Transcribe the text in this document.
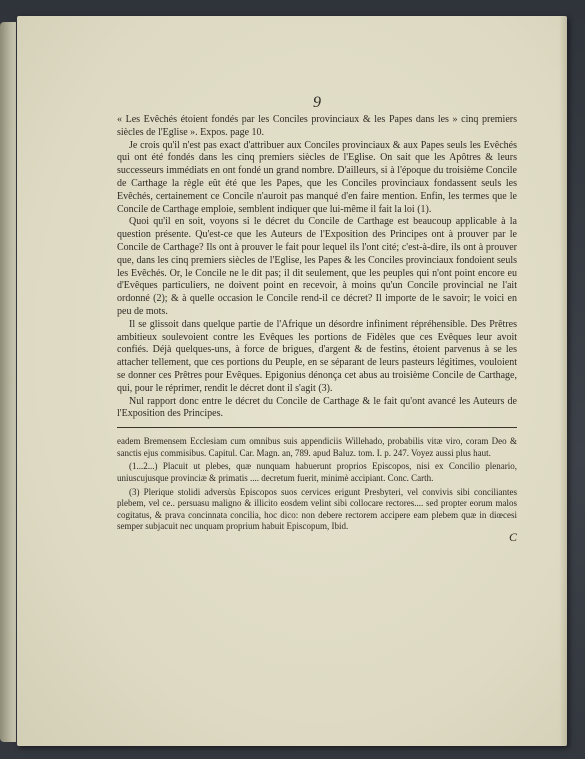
9

« Les Evêchés étoient fondés par les Conciles provinciaux & les Papes dans les » cinq premiers siècles de l'Eglise ». Expos. page 10.

Je crois qu'il n'est pas exact d'attribuer aux Conciles provinciaux & aux Papes seuls les Evêchés qui ont été fondés dans les cinq premiers siècles de l'Eglise. On sait que les Apôtres & leurs successeurs immédiats en ont fondé un grand nombre. D'ailleurs, si à l'époque du troisième Concile de Carthage la règle eût été que les Papes, que les Conciles provinciaux fondassent seuls les Evêchés, certainement ce Concile n'auroit pas manqué d'en faire mention. Enfin, les termes que le Concile de Carthage emploie, semblent indiquer que lui-même il fait la loi (1).

Quoi qu'il en soit, voyons si le décret du Concile de Carthage est beaucoup applicable à la question présente. Qu'est-ce que les Auteurs de l'Exposition des Principes ont à prouver par le Concile de Carthage? Ils ont à prouver le fait pour lequel ils l'ont cité; c'est-à-dire, ils ont à prouver que, dans les cinq premiers siècles de l'Eglise, les Papes & les Conciles provinciaux fondoient seuls les Evêchés. Or, le Concile ne le dit pas; il dit seulement, que les peuples qui n'ont point encore eu d'Evêques particuliers, ne doivent point en recevoir, à moins qu'un Concile provincial ne l'ait ordonné (2); & à quelle occasion le Concile rend-il ce décret? Il importe de le savoir; le voici en peu de mots.

Il se glissoit dans quelque partie de l'Afrique un désordre infiniment répréhensible. Des Prêtres ambitieux soulevoient contre les Evêques les portions de Fidèles que ces Evêques leur avoit confiés. Déjà quelques-uns, à force de brigues, d'argent & de festins, étoient parvenus à se les attacher tellement, que ces portions du Peuple, en se séparant de leurs pasteurs légitimes, vouloient se donner ces Prêtres pour Evêques. Epigonius dénonça cet abus au troisième Concile de Carthage, qui, pour le réprimer, rendit le décret dont il s'agit (3).

Nul rapport donc entre le décret du Concile de Carthage & le fait qu'ont avancé les Auteurs de l'Exposition des Principes.

eadem Bremensem Ecclesiam cum omnibus suis appendiciis Willehado, probabilis vitæ viro, coram Deo & sanctis ejus commisibus. Capitul. Car. Magn. an, 789. apud Baluz. tom. I. p. 247. Voyez aussi plus haut.

(1...2...) Placuit ut plebes, quæ nunquam habuerunt proprios Episcopos, nisi ex Concilio plenario, uniuscujusque provinciæ & primatis .... decretum fuerit, minimè accipiant. Conc. Carth.

(3) Plerique stolidi adversùs Episcopos suos cervices erigunt Presbyteri, vel convivis sibi conciliantes plebem, vel ce.. persuasu maligno & illicito eosdem velint sibi collocare rectores.... sed propter eorum malos cogitatus, & prava concinnata concilia, hoc dico: non debere rectorem accipere eam plebem quæ in diœcesi semper subjacuit nec unquam proprium habuit Episcopum, Ibid.

C
